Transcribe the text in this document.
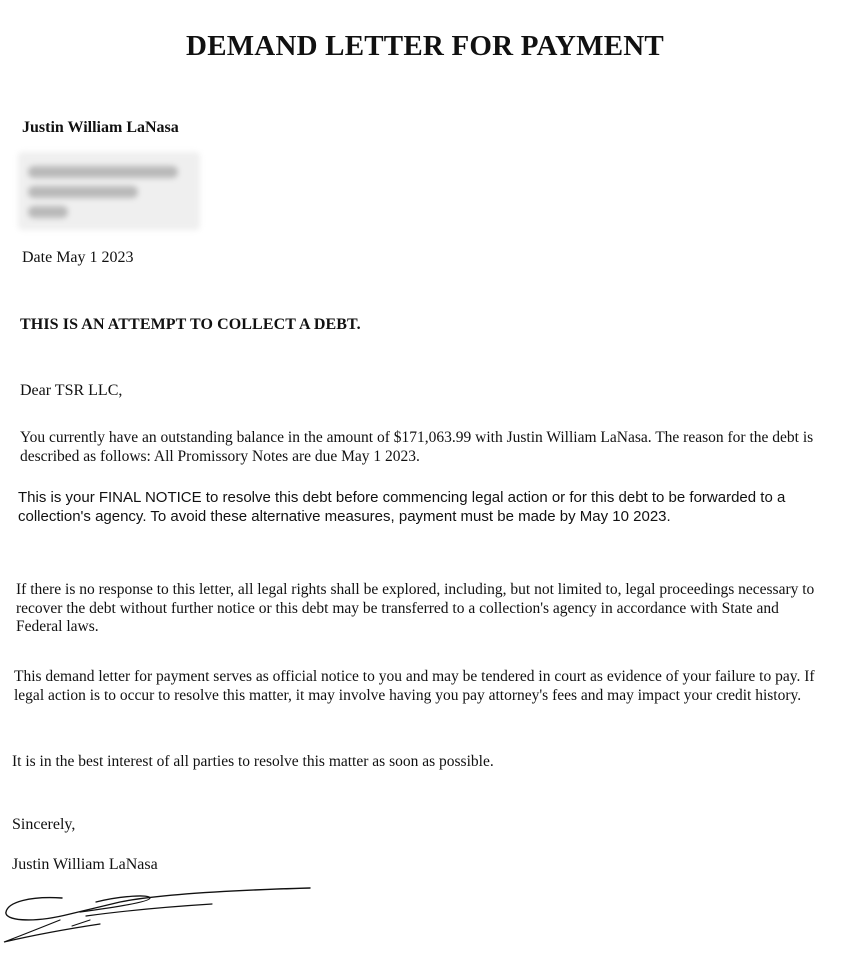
DEMAND LETTER FOR PAYMENT
Justin William LaNasa
Date May 1 2023
THIS IS AN ATTEMPT TO COLLECT A DEBT.
Dear TSR LLC,

You currently have an outstanding balance in the amount of $171,063.99 with Justin William LaNasa. The reason for the debt is described as follows: All Promissory Notes are due May 1 2023.

This is your FINAL NOTICE to resolve this debt before commencing legal action or for this debt to be forwarded to a collection's agency. To avoid these alternative measures, payment must be made by May 10 2023.

If there is no response to this letter, all legal rights shall be explored, including, but not limited to, legal proceedings necessary to recover the debt without further notice or this debt may be transferred to a collection's agency in accordance with State and Federal laws.

This demand letter for payment serves as official notice to you and may be tendered in court as evidence of your failure to pay. If legal action is to occur to resolve this matter, it may involve having you pay attorney's fees and may impact your credit history.

It is in the best interest of all parties to resolve this matter as soon as possible.

Sincerely,
Justin William LaNasa
